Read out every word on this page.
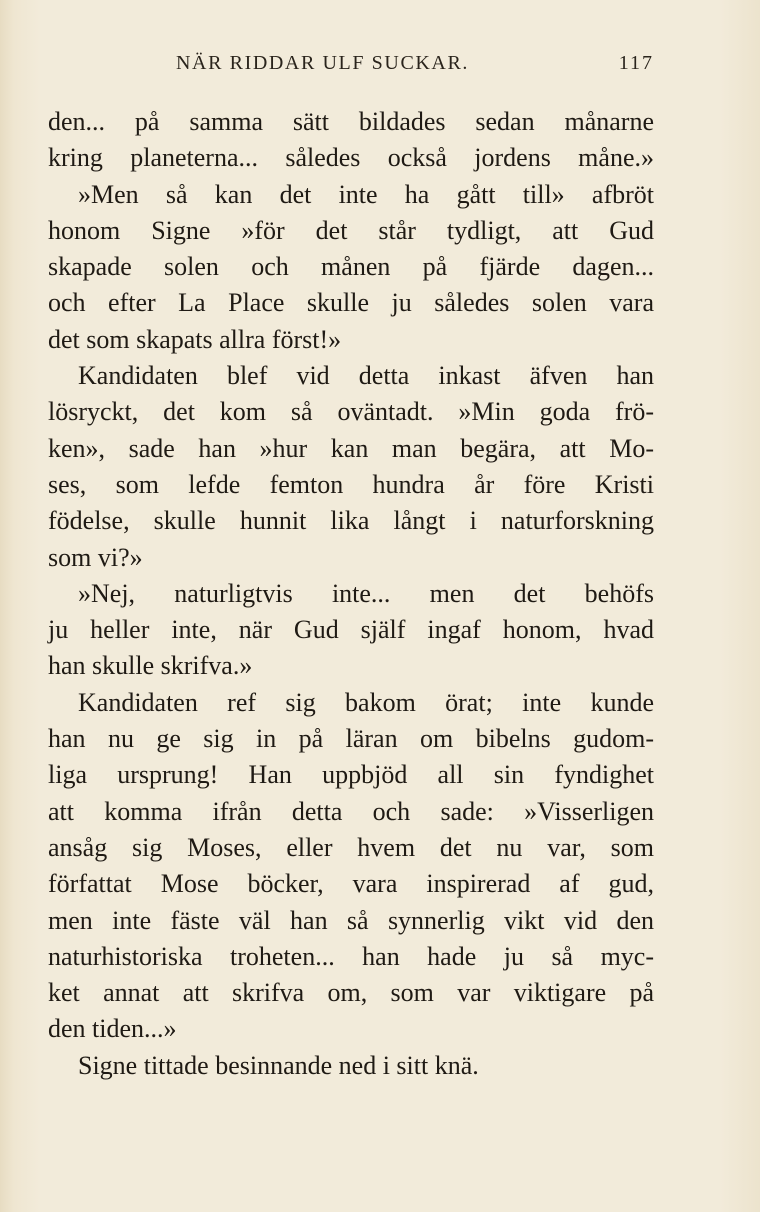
NÄR RIDDAR ULF SUCKAR.	117
den... på samma sätt bildades sedan månarne
kring planeterna... således också jordens måne.»
»Men så kan det inte ha gått till» afbröt
honom Signe »för det står tydligt, att Gud
skapade solen och månen på fjärde dagen...
och efter La Place skulle ju således solen vara
det som skapats allra först!»
Kandidaten blef vid detta inkast äfven han
lösryckt, det kom så oväntadt. »Min goda frö-
ken», sade han »hur kan man begära, att Mo-
ses, som lefde femton hundra år före Kristi
födelse, skulle hunnit lika långt i naturforskning
som vi?»
»Nej, naturligtvis inte... men det behöfs
ju heller inte, när Gud själf ingaf honom, hvad
han skulle skrifva.»
Kandidaten ref sig bakom örat; inte kunde
han nu ge sig in på läran om bibelns gudom-
liga ursprung! Han uppbjöd all sin fyndighet
att komma ifrån detta och sade: »Visserligen
ansåg sig Moses, eller hvem det nu var, som
författat Mose böcker, vara inspirerad af gud,
men inte fäste väl han så synnerlig vikt vid den
naturhistoriska troheten... han hade ju så myc-
ket annat att skrifva om, som var viktigare på
den tiden...»
Signe tittade besinnande ned i sitt knä.
